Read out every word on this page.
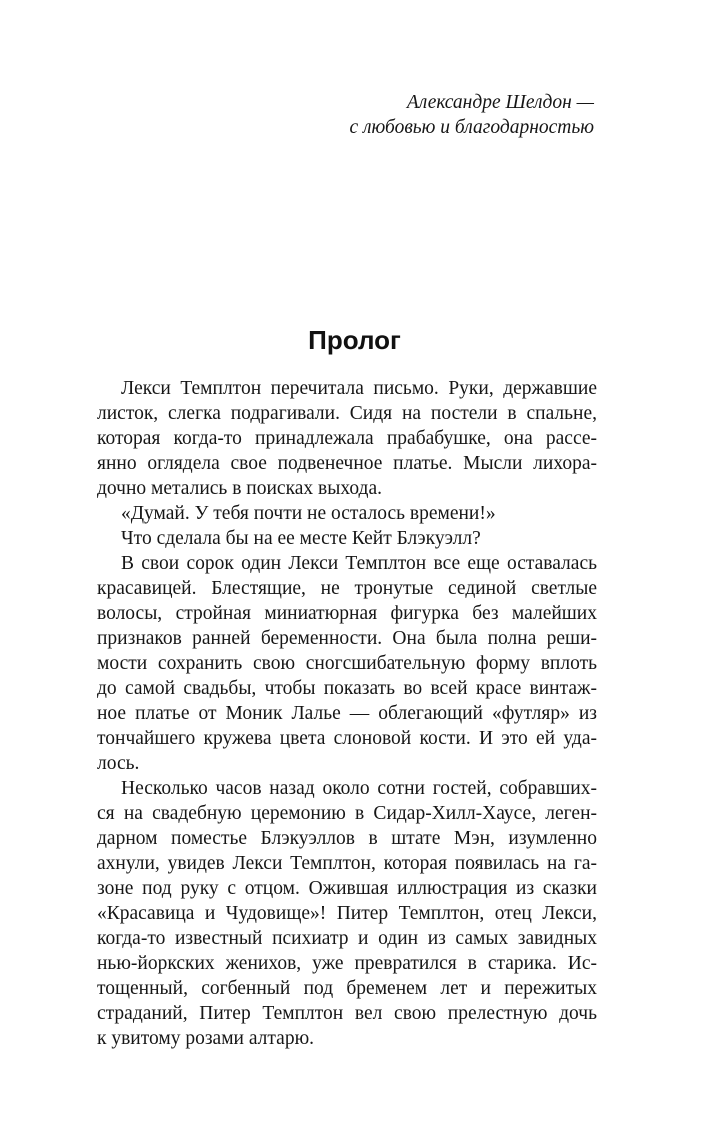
Александре Шелдон —
с любовью и благодарностью
Пролог
Лекси Темплтон перечитала письмо. Руки, державшие
листок, слегка подрагивали. Сидя на постели в спальне,
которая когда-то принадлежала прабабушке, она рассе-
янно оглядела свое подвенечное платье. Мысли лихора-
дочно метались в поисках выхода.
«Думай. У тебя почти не осталось времени!»
Что сделала бы на ее месте Кейт Блэкуэлл?
В свои сорок один Лекси Темплтон все еще оставалась
красавицей. Блестящие, не тронутые сединой светлые
волосы, стройная миниатюрная фигурка без малейших
признаков ранней беременности. Она была полна реши-
мости сохранить свою сногсшибательную форму вплоть
до самой свадьбы, чтобы показать во всей красе винтаж-
ное платье от Моник Лалье — облегающий «футляр» из
тончайшего кружева цвета слоновой кости. И это ей уда-
лось.
Несколько часов назад около сотни гостей, собравших-
ся на свадебную церемонию в Сидар-Хилл-Хаусе, леген-
дарном поместье Блэкуэллов в штате Мэн, изумленно
ахнули, увидев Лекси Темплтон, которая появилась на га-
зоне под руку с отцом. Ожившая иллюстрация из сказки
«Красавица и Чудовище»! Питер Темплтон, отец Лекси,
когда-то известный психиатр и один из самых завидных
нью-йоркских женихов, уже превратился в старика. Ис-
тощенный, согбенный под бременем лет и пережитых
страданий, Питер Темплтон вел свою прелестную дочь
к увитому розами алтарю.
